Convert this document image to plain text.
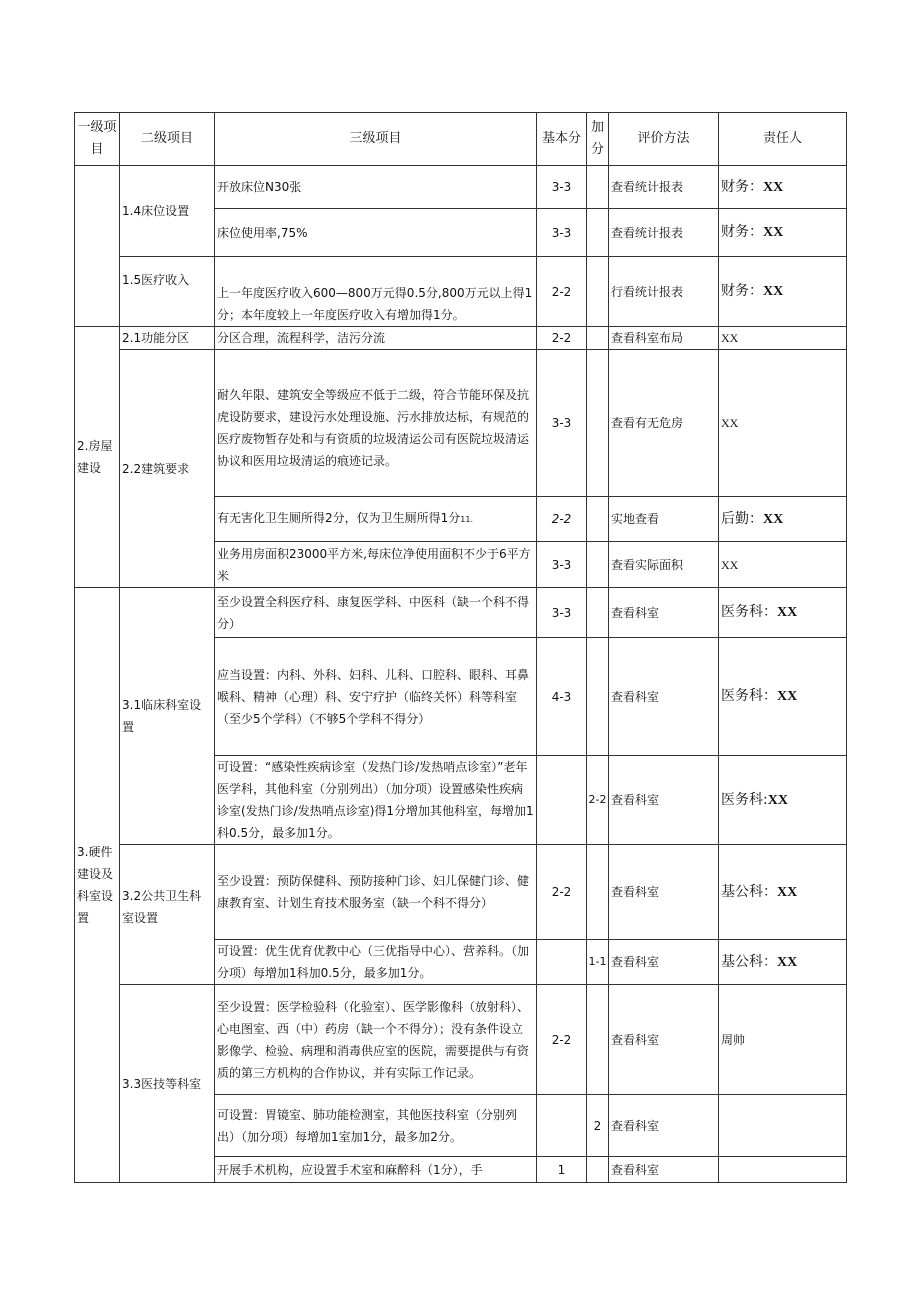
一级项目	二级项目	三级项目	基本分	加分	评价方法	责任人
	1.4床位设置	开放床位N30张	3-3		查看统计报表	财务：XX
		床位使用率,75%	3-3		查看统计报表	财务：XX
	1.5医疗收入	上一年度医疗收入600—800万元得0.5分,800万元以上得1分；本年度较上一年度医疗收入有增加得1分。	2-2		行看统计报表	财务：XX
2.房屋建设	2.1功能分区	分区合理，流程科学，洁污分流	2-2		查看科室布局	XX
	2.2建筑要求	耐久年限、建筑安全等级应不低于二级，符合节能环保及抗虎设防要求，建设污水处理设施、污水排放达标，有规范的医疗废物暂存处和与有资质的垃圾清运公司有医院垃圾清运协议和医用垃圾清运的痕迹记录。	3-3		查看有无危房	XX
		有无害化卫生厕所得2分，仅为卫生厕所得1分11.	2-2		实地查看	后勤：XX
		业务用房面积23000平方米,每床位净使用面积不少于6平方米	3-3		查看实际面积	XX
3.硬件建设及科室设置	3.1临床科室设置	至少设置全科医疗科、康复医学科、中医科（缺一个科不得分）	3-3		查看科室	医务科：XX
		应当设置：内科、外科、妇科、儿科、口腔科、眼科、耳鼻喉科、精神（心理）科、安宁疗护（临终关怀）科等科室（至少5个学科）（不够5个学科不得分）	4-3		查看科室	医务科：XX
		可设置：“感染性疾病诊室（发热门诊/发热哨点诊室）”老年医学科，其他科室（分别列出）（加分项）设置感染性疾病诊室(发热门诊/发热哨点诊室)得1分增加其他科室，每增加1科0.5分，最多加1分。		2-2	查看科室	医务科:XX
	3.2公共卫生科室设置	至少设置：预防保健科、预防接种门诊、妇儿保健门诊、健康教育室、计划生育技术服务室（缺一个科不得分）	2-2		查看科室	基公科：XX
		可设置：优生优育优教中心（三优指导中心）、营养科。（加分项）每增加1科加0.5分，最多加1分。		1-1	查看科室	基公科：XX
	3.3医技等科室	至少设置：医学检验科（化验室）、医学影像科（放射科）、心电图室、西（中）药房（缺一个不得分）；没有条件设立影像学、检验、病理和消毒供应室的医院，需要提供与有资质的第三方机构的合作协议，并有实际工作记录。	2-2		查看科室	周帅
		可设置：胃镜室、肺功能检测室，其他医技科室（分别列出）（加分项）每增加1室加1分，最多加2分。		2	查看科室	
		开展手术机构，应设置手术室和麻醉科（1分），手	1		查看科室	
